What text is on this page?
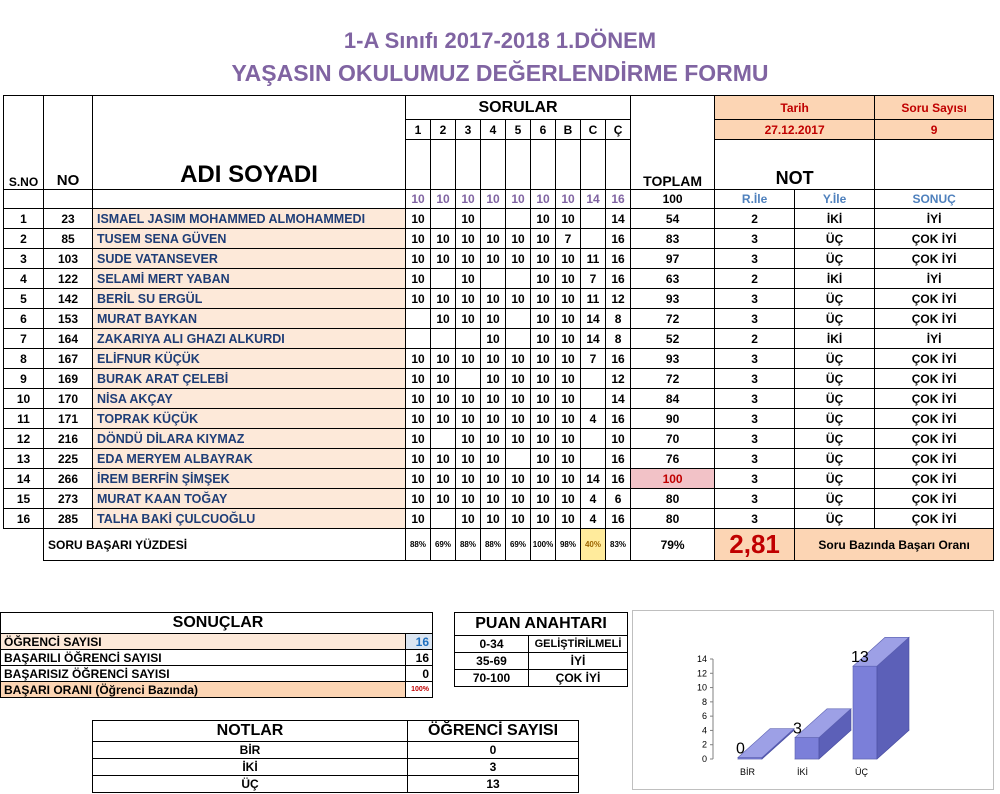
1-A Sınıfı 2017-2018 1.DÖNEM
YAŞASIN OKULUMUZ DEĞERLENDİRME FORMU
S.NO	NO	ADI SOYADI	SORULAR									TOPLAM	Tarih		Soru Sayısı
			1	2	3	4	5	6	B	C	Ç		27.12.2017		9
													NOT		

			10	10	10	10	10	10	10	14	16	100	R.İle	Y.İle	SONUÇ
1	23	ISMAEL JASIM MOHAMMED ALMOHAMMEDI	10		10			10	10		14	54	2	İKİ	İYİ
2	85	TUSEM SENA GÜVEN	10	10	10	10	10	10	7		16	83	3	ÜÇ	ÇOK İYİ
3	103	SUDE VATANSEVER	10	10	10	10	10	10	10	11	16	97	3	ÜÇ	ÇOK İYİ
4	122	SELAMİ MERT YABAN	10		10			10	10	7	16	63	2	İKİ	İYİ
5	142	BERİL SU ERGÜL	10	10	10	10	10	10	10	11	12	93	3	ÜÇ	ÇOK İYİ
6	153	MURAT BAYKAN		10	10	10		10	10	14	8	72	3	ÜÇ	ÇOK İYİ
7	164	ZAKARIYA ALI GHAZI ALKURDI				10		10	10	14	8	52	2	İKİ	İYİ
8	167	ELİFNUR KÜÇÜK	10	10	10	10	10	10	10	7	16	93	3	ÜÇ	ÇOK İYİ
9	169	BURAK ARAT ÇELEBİ	10	10		10	10	10	10		12	72	3	ÜÇ	ÇOK İYİ
10	170	NİSA AKÇAY	10	10	10	10	10	10	10		14	84	3	ÜÇ	ÇOK İYİ
11	171	TOPRAK KÜÇÜK	10	10	10	10	10	10	10	4	16	90	3	ÜÇ	ÇOK İYİ
12	216	DÖNDÜ DİLARA KIYMAZ	10		10	10	10	10	10		10	70	3	ÜÇ	ÇOK İYİ
13	225	EDA MERYEM ALBAYRAK	10	10	10	10		10	10		16	76	3	ÜÇ	ÇOK İYİ
14	266	İREM BERFİN ŞİMŞEK	10	10	10	10	10	10	10	14	16	100	3	ÜÇ	ÇOK İYİ
15	273	MURAT KAAN TOĞAY	10	10	10	10	10	10	10	4	6	80	3	ÜÇ	ÇOK İYİ
16	285	TALHA BAKİ ÇULCUOĞLU	10		10	10	10	10	10	4	16	80	3	ÜÇ	ÇOK İYİ
	SORU BAŞARI YÜZDESİ		88%	69%	88%	88%	69%	100%	98%	40%	83%	79%	2,81	Soru Bazında Başarı Oranı	
SONUÇLAR	
ÖĞRENCİ SAYISI	16
BAŞARILI ÖĞRENCİ SAYISI	16
BAŞARISIZ ÖĞRENCİ SAYISI	0
BAŞARI ORANI (Öğrenci Bazında)	100%
PUAN ANAHTARI	
0-34	GELİŞTİRİLMELİ
35-69	İYİ
70-100	ÇOK İYİ
NOTLAR	ÖĞRENCİ SAYISI
BİR	0
İKİ	3
ÜÇ	13
0
2
4
6
8
10
12
14
0
BİR
3
İKİ
13
ÜÇ
